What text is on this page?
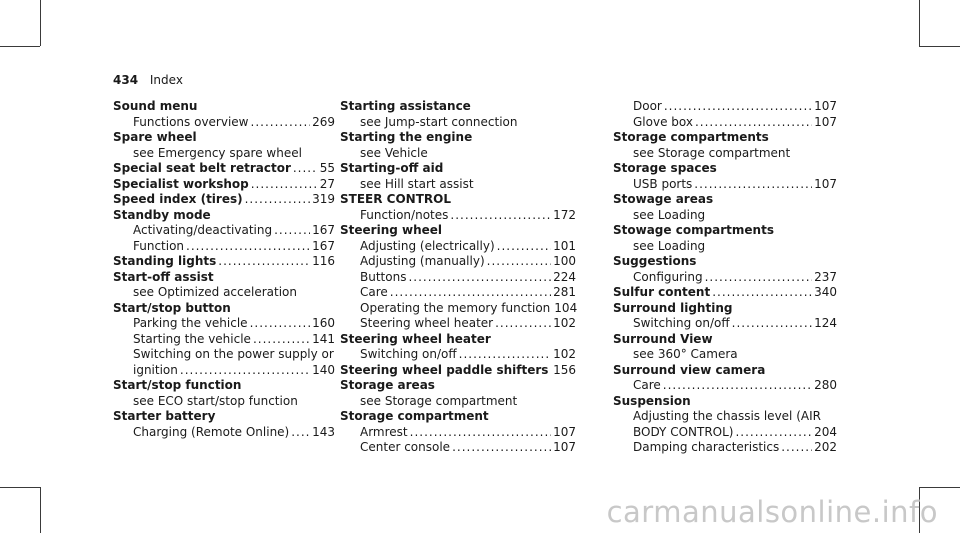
434 Index
Sound menu
Functions overview .....	269
Spare wheel
see Emergency spare wheel
Special seat belt retractor ..... 55
Specialist workshop .....	27
Speed index (tires) .....	319
Standby mode
Activating/deactivating .....	167
Function .....	167
Standing lights .....	116
Start-off assist
see Optimized acceleration
Start/stop button
Parking the vehicle .....	160
Starting the vehicle .....	141
Switching on the power supply or
ignition .....	140
Start/stop function
see ECO start/stop function
Starter battery
Charging (Remote Online) ..... 143
Starting assistance
see Jump-start connection
Starting the engine
see Vehicle
Starting-off aid
see Hill start assist
STEER CONTROL
Function/notes .....	172
Steering wheel
Adjusting (electrically) .....	101
Adjusting (manually) .....	100
Buttons .....	224
Care .....	281
Operating the memory function 104
Steering wheel heater .....	102
Steering wheel heater
Switching on/off .....	102
Steering wheel paddle shifters ..... 156
Storage areas
see Storage compartment
Storage compartment
Armrest .....	107
Center console .....	107
Door .....	107
Glove box .....	107
Storage compartments
see Storage compartment
Storage spaces
USB ports .....	107
Stowage areas
see Loading
Stowage compartments
see Loading
Suggestions
Configuring .....	237
Sulfur content .....	340
Surround lighting
Switching on/off .....	124
Surround View
see 360° Camera
Surround view camera
Care .....	280
Suspension
Adjusting the chassis level (AIR
BODY CONTROL) .....	204
Damping characteristics .....	202
carmanualsonline.info
